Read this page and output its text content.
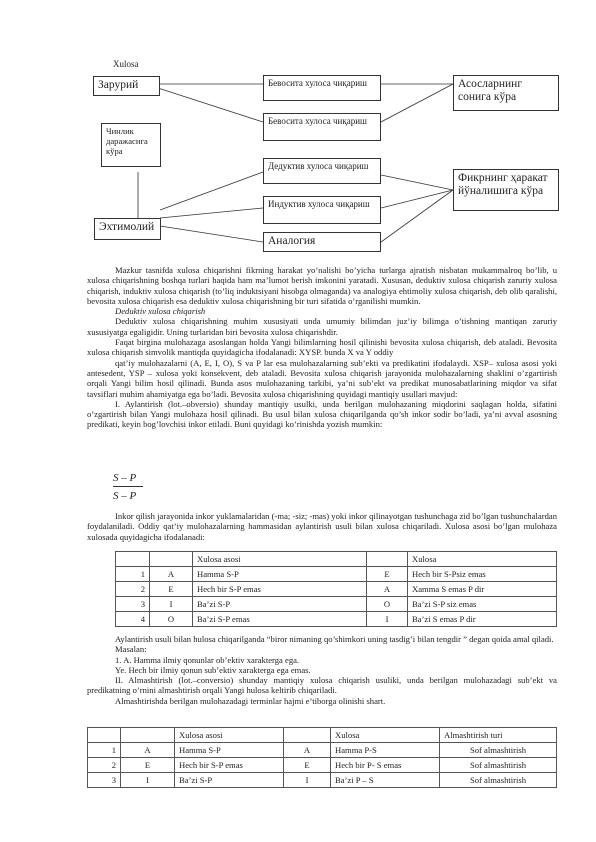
Xulosa
Зарурий
Чинлик даражасига кўра
Эхтимолий
Бевосита хулоса чиқариш
Бевосита хулоса чиқариш
Дедуктив хулоса чиқариш
Индуктив хулоса чиқариш
Аналогия
Асосларнинг сонига кўра
Фикрнинг ҳаракат йўналишига кўра

Mazkur tasnifda xulosa chiqarishni fikrning harakat yo’nalishi bo’yicha turlarga ajratish nisbatan mukammalroq bo’lib, u xulosa chiqarishning boshqa turlari haqida ham ma’lumot berish imkonini yaratadi. Xususan, deduktiv xulosa chiqarish zaruriy xulosa chiqarish, induktiv xulosa chiqarish (to’liq induktsiyani hisobga olmaganda) va analogiya ehtimoliy xulosa chiqarish, deb olib qaralishi, bevosita xulosa chiqarish esa deduktiv xulosa chiqarishning bir turi sifatida o’rganilishi mumkin.

Deduktiv xulosa chiqarish

Deduktiv xulosa chiqarishning muhim xususiyati unda umumiy bilimdan juz’iy bilimga o’tishning mantiqan zaruriy xususiyatga egaligidir. Uning turlaridan biri bevosita xulosa chiqarishdir.

Faqat birgina mulohazaga asoslangan holda Yangi bilimlarning hosil qilinishi bevosita xulosa chiqarish, deb ataladi. Bevosita xulosa chiqarish simvolik mantiqda quyidagicha ifodalanadi: XYSP. bunda X va Y oddiy

qat’iy mulohazalarni (A, E, I, O), S va P lar esa mulohazalarning sub’ekti va predikatini ifodalaydi. XSP– xulosa asosi yoki antesedent, YSP – xulosa yoki konsekvent, deb ataladi. Bevosita xulosa chiqarish jarayonida mulohazalarning shaklini o’zgartirish orqali Yangi bilim hosil qilinadi. Bunda asos mulohazaning tarkibi, ya’ni sub’ekt va predikat munosabatlarining miqdor va sifat tavsiflari muhim ahamiyatga ega bo’ladi. Bevosita xulosa chiqarishning quyidagi mantiqiy usullari mavjud:

I. Aylantirish (lot.–obversio) shunday mantiqiy usulki, unda berilgan mulohazaning miqdorini saqlagan holda, sifatini o’zgartirish bilan Yangi mulohaza hosil qilinadi. Bu usul bilan xulosa chiqarilganda qo’sh inkor sodir bo’ladi, ya’ni avval asosning predikati, keyin bog’lovchisi inkor etiladi. Buni quyidagi ko’rinishda yozish mumkin:

S – P
S – P

Inkor qilish jarayonida inkor yuklamalaridan (-ma; -siz; -mas) yoki inkor qilinayotgan tushunchaga zid bo’lgan tushunchalardan foydalaniladi. Oddiy qat’iy mulohazalarning hammasidan aylantirish usuli bilan xulosa chiqariladi. Xulosa asosi bo’lgan mulohaza xulosada quyidagicha ifodalanadi:

		Xulosa asosi		Xulosa
1	A	Hamma S-P	E	Hech bir S-Psiz emas
2	E	Hech bir S-P emas	A	Xamma S emas P dir
3	I	Ba’zi S-P	O	Ba’zi S-P siz emas
4	O	Ba’zi S-P emas	I	Ba’zi S emas P dir

Aylantirish usuli bilan hulosa chiqarilganda “biror nimaning qo’shimkori uning tasdig’i bilan tengdir ” degan qoida amal qiladi.

Masalan:

1. A. Hamma ilmiy qonunlar ob’ektiv xarakterga ega.

Ye. Hech bir ilmiy qonun sub’ektiv xarakterga ega emas.

II. Almashtirish (lot.–conversio) shunday mantiqiy xulosa chiqarish usuliki, unda berilgan mulohazadagi sub’ekt va predikatning o’rnini almashtirish orqali Yangi hulosa keltirib chiqariladi.

Almashtirishda berilgan mulohazadagi terminlar hajmi e’tiborga olinishi shart.

		Xulosa asosi		Xulosa	Almashtirish turi
1	A	Hamma S-P	A	Hamma P-S	Sof almashtirish
2	E	Hech bir S-P emas	E	Hech bir P- S emas	Sof almashtirish
3	I	Ba’zi S-P	I	Ba’zi P – S	Sof almashtirish
